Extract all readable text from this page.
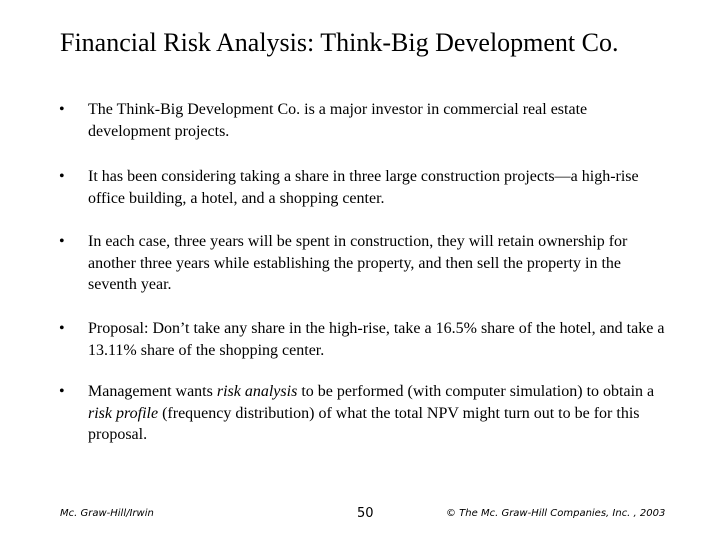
Financial Risk Analysis: Think-Big Development Co.
• The Think-Big Development Co. is a major investor in commercial real estate development projects.
• It has been considering taking a share in three large construction projects—a high-rise office building, a hotel, and a shopping center.
• In each case, three years will be spent in construction, they will retain ownership for another three years while establishing the property, and then sell the property in the seventh year.
• Proposal: Don’t take any share in the high-rise, take a 16.5% share of the hotel, and take a 13.11% share of the shopping center.
• Management wants risk analysis to be performed (with computer simulation) to obtain a risk profile (frequency distribution) of what the total NPV might turn out to be for this proposal.
Mc. Graw-Hill/Irwin	50	© The Mc. Graw-Hill Companies, Inc. , 2003
